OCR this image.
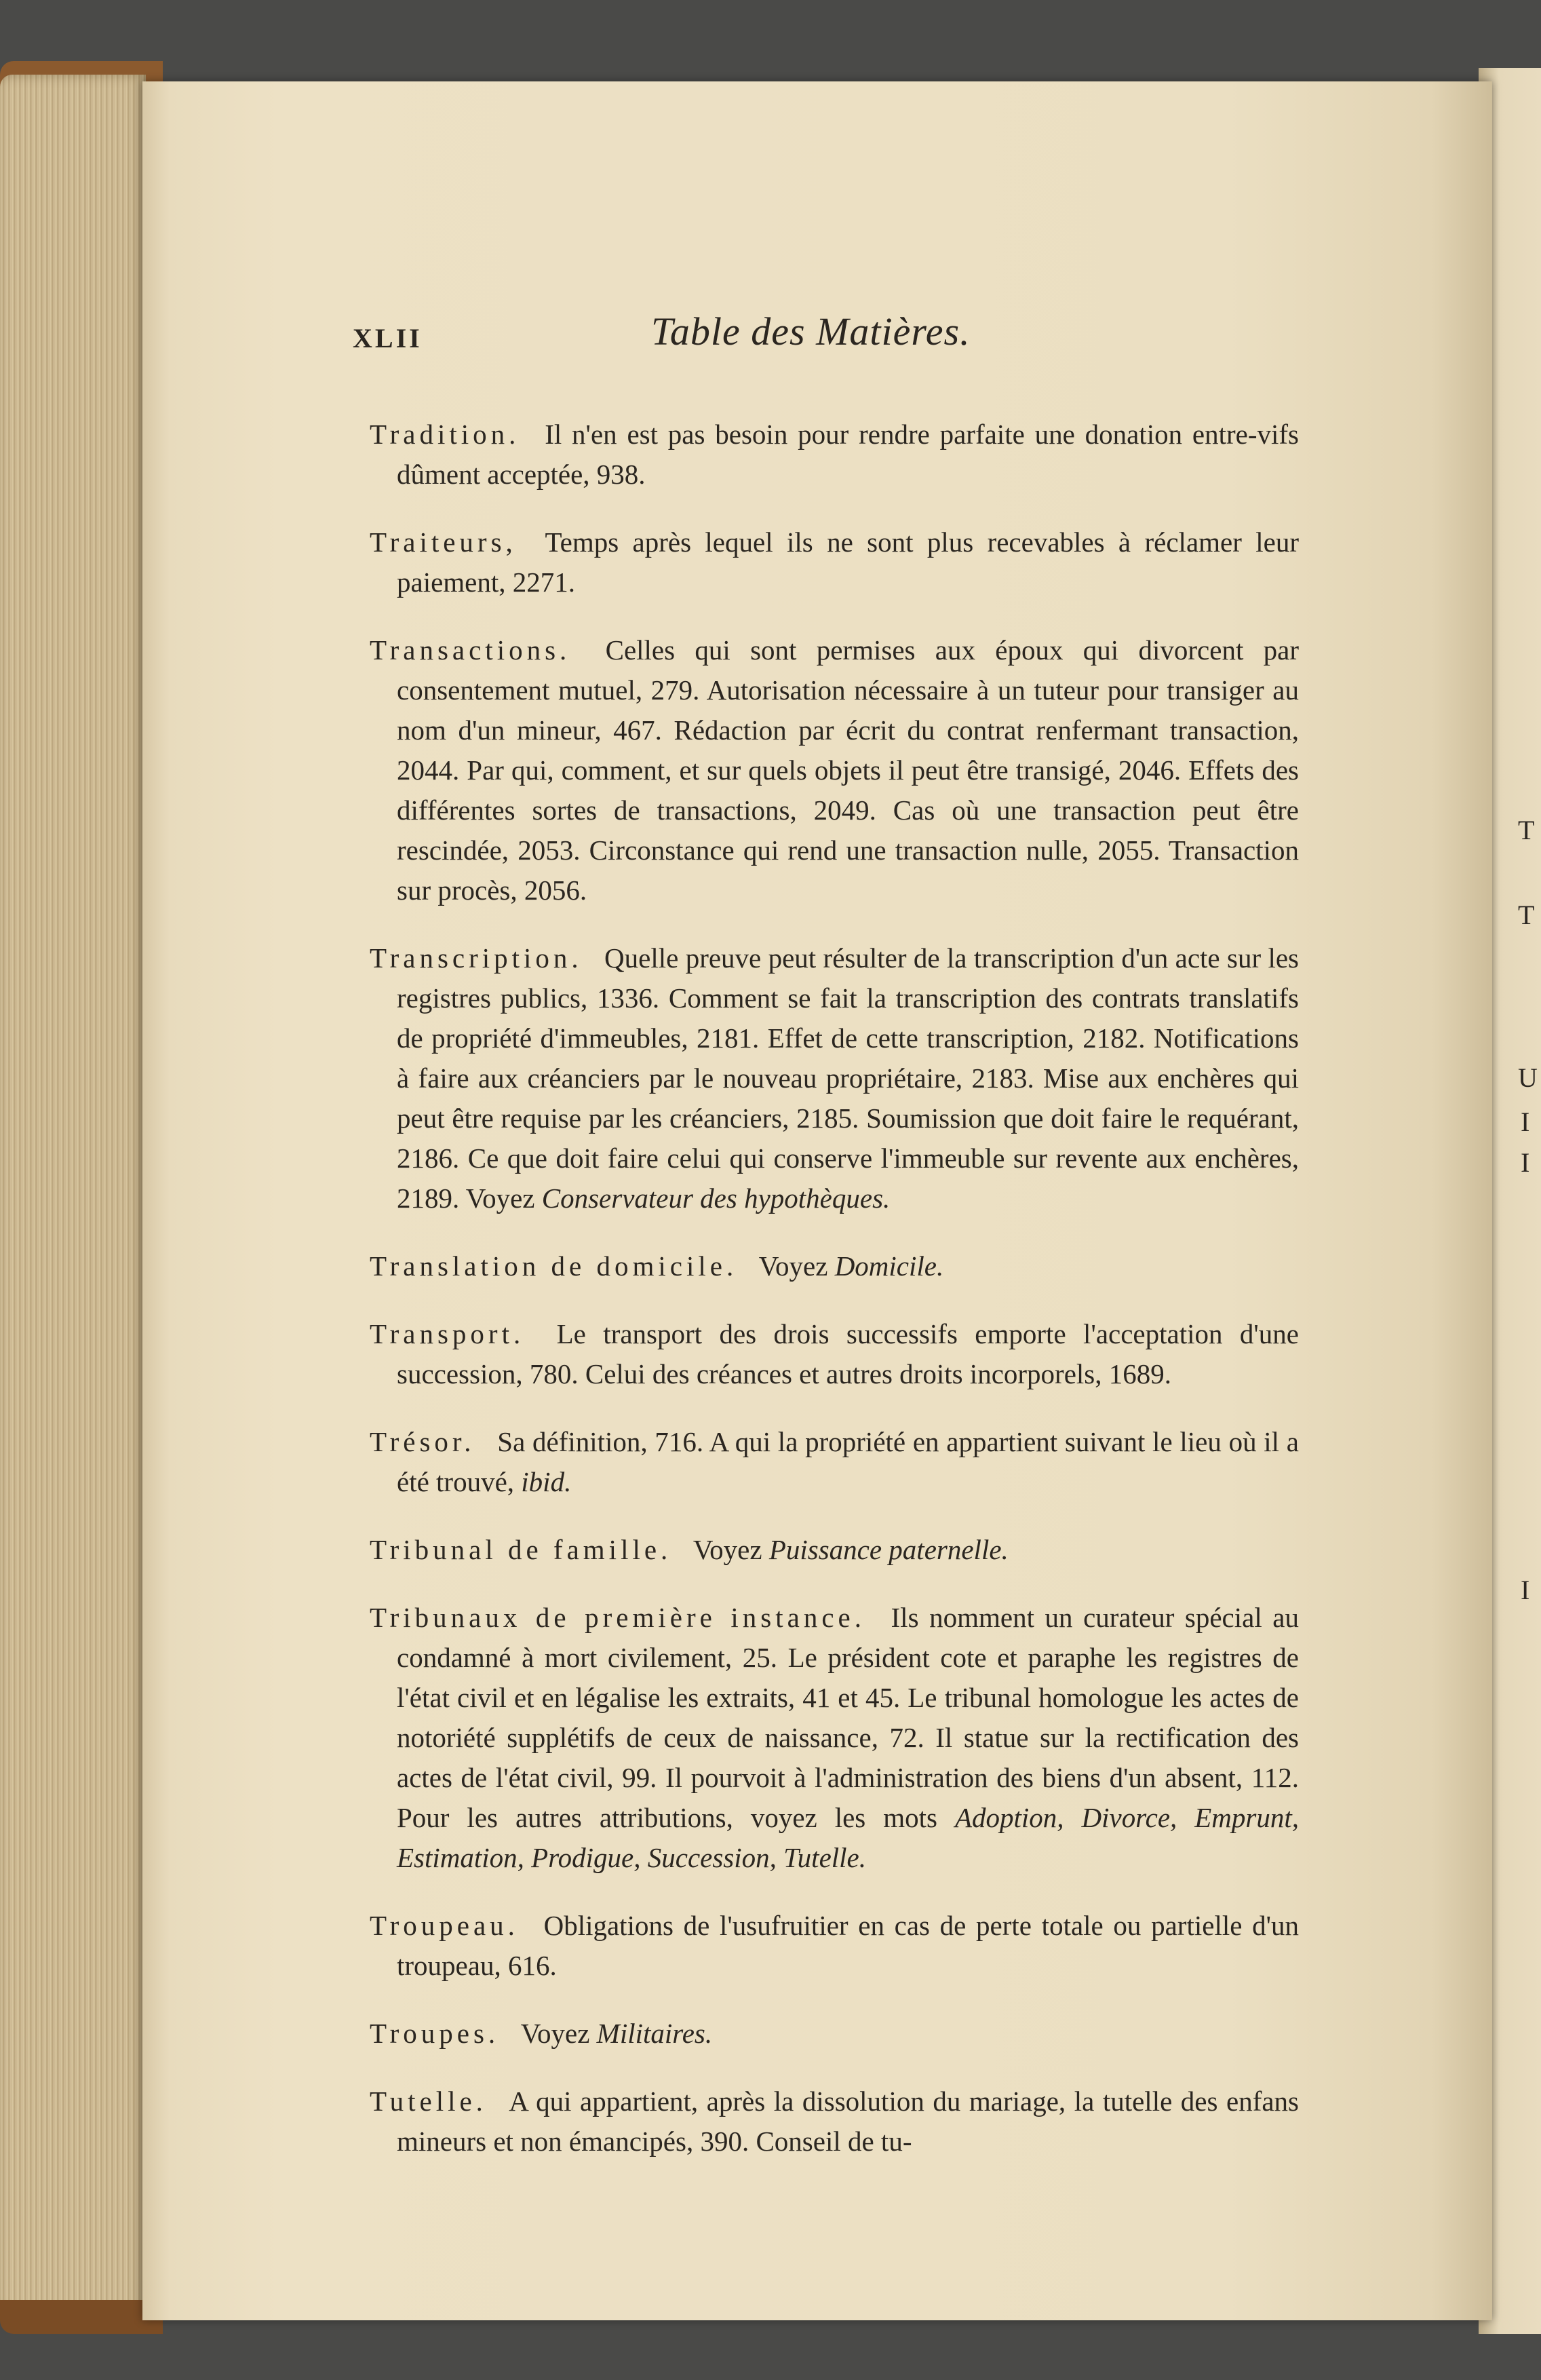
T
T
U
I
I
I
XLII	Table des Matières.

Tradition. Il n'en est pas besoin pour rendre parfaite une donation entre-vifs dûment acceptée, 938.

Traiteurs, Temps après lequel ils ne sont plus recevables à réclamer leur paiement, 2271.

Transactions. Celles qui sont permises aux époux qui divorcent par consentement mutuel, 279. Autorisation nécessaire à un tuteur pour transiger au nom d'un mineur, 467. Rédaction par écrit du contrat renfermant transaction, 2044. Par qui, comment, et sur quels objets il peut être transigé, 2046. Effets des différentes sortes de transactions, 2049. Cas où une transaction peut être rescindée, 2053. Circonstance qui rend une transaction nulle, 2055. Transaction sur procès, 2056.

Transcription. Quelle preuve peut résulter de la transcription d'un acte sur les registres publics, 1336. Comment se fait la transcription des contrats translatifs de propriété d'immeubles, 2181. Effet de cette transcription, 2182. Notifications à faire aux créanciers par le nouveau propriétaire, 2183. Mise aux enchères qui peut être requise par les créanciers, 2185. Soumission que doit faire le requérant, 2186. Ce que doit faire celui qui conserve l'immeuble sur revente aux enchères, 2189. Voyez Conservateur des hypothèques.

Translation de domicile. Voyez Domicile.

Transport. Le transport des drois successifs emporte l'acceptation d'une succession, 780. Celui des créances et autres droits incorporels, 1689.

Trésor. Sa définition, 716. A qui la propriété en appartient suivant le lieu où il a été trouvé, ibid.

Tribunal de famille. Voyez Puissance paternelle.

Tribunaux de première instance. Ils nomment un curateur spécial au condamné à mort civilement, 25. Le président cote et paraphe les registres de l'état civil et en légalise les extraits, 41 et 45. Le tribunal homologue les actes de notoriété supplétifs de ceux de naissance, 72. Il statue sur la rectification des actes de l'état civil, 99. Il pourvoit à l'administration des biens d'un absent, 112. Pour les autres attributions, voyez les mots Adoption, Divorce, Emprunt, Estimation, Prodigue, Succession, Tutelle.

Troupeau. Obligations de l'usufruitier en cas de perte totale ou partielle d'un troupeau, 616.

Troupes. Voyez Militaires.

Tutelle. A qui appartient, après la dissolution du mariage, la tutelle des enfans mineurs et non émancipés, 390. Conseil de tu-
